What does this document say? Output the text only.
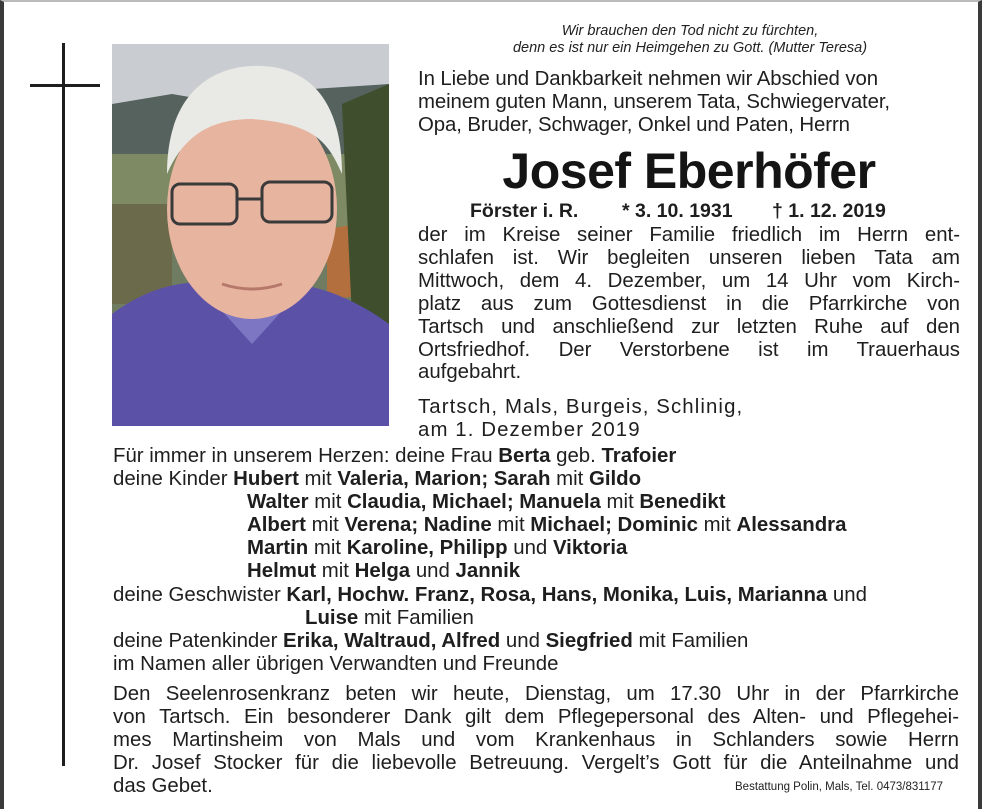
Wir brauchen den Tod nicht zu fürchten,
denn es ist nur ein Heimgehen zu Gott. (Mutter Teresa)
In Liebe und Dankbarkeit nehmen wir Abschied von
meinem guten Mann, unserem Tata, Schwiegervater,
Opa, Bruder, Schwager, Onkel und Paten, Herrn
Josef Eberhöfer
Förster i. R. * 3. 10. 1931 † 1. 12. 2019
der im Kreise seiner Familie friedlich im Herrn ent-
schlafen ist. Wir begleiten unseren lieben Tata am
Mittwoch, dem 4. Dezember, um 14 Uhr vom Kirch-
platz aus zum Gottesdienst in die Pfarrkirche von
Tartsch und anschließend zur letzten Ruhe auf den
Ortsfriedhof. Der Verstorbene ist im Trauerhaus
aufgebahrt.
Tartsch, Mals, Burgeis, Schlinig,
am 1. Dezember 2019
Für immer in unserem Herzen: deine Frau Berta geb. Trafoier
deine Kinder Hubert mit Valeria, Marion; Sarah mit Gildo
Walter mit Claudia, Michael; Manuela mit Benedikt
Albert mit Verena; Nadine mit Michael; Dominic mit Alessandra
Martin mit Karoline, Philipp und Viktoria
Helmut mit Helga und Jannik
deine Geschwister Karl, Hochw. Franz, Rosa, Hans, Monika, Luis, Marianna und
Luise mit Familien
deine Patenkinder Erika, Waltraud, Alfred und Siegfried mit Familien
im Namen aller übrigen Verwandten und Freunde
Den Seelenrosenkranz beten wir heute, Dienstag, um 17.30 Uhr in der Pfarrkirche
von Tartsch. Ein besonderer Dank gilt dem Pflegepersonal des Alten- und Pflegehei-
mes Martinsheim von Mals und vom Krankenhaus in Schlanders sowie Herrn
Dr. Josef Stocker für die liebevolle Betreuung. Vergelt’s Gott für die Anteilnahme und
das Gebet.	Bestattung Polin, Mals, Tel. 0473/831177
